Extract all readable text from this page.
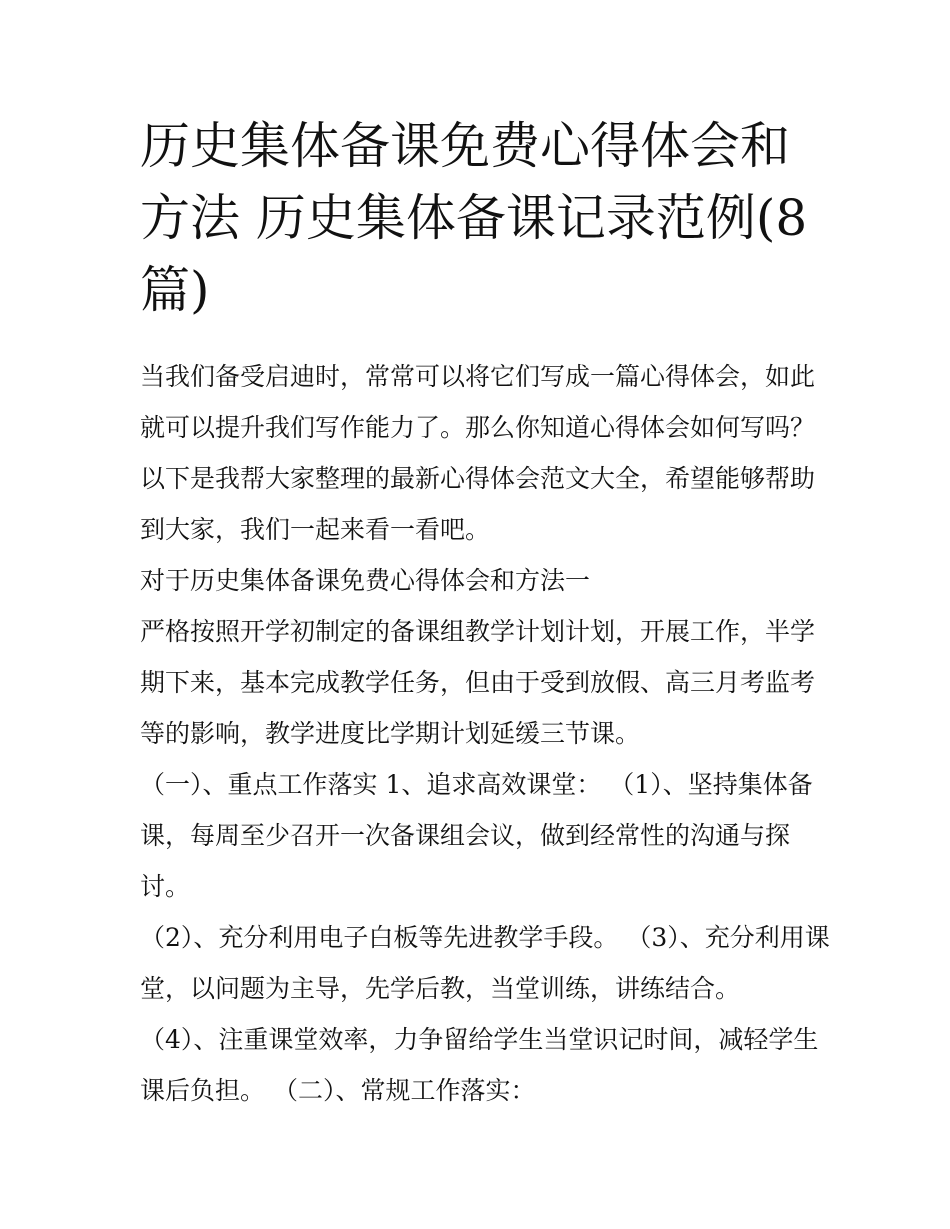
历史集体备课免费心得体会和方法 历史集体备课记录范例(8篇)

当我们备受启迪时，常常可以将它们写成一篇心得体会，如此就可以提升我们写作能力了。那么你知道心得体会如何写吗？以下是我帮大家整理的最新心得体会范文大全，希望能够帮助到大家，我们一起来看一看吧。

对于历史集体备课免费心得体会和方法一

严格按照开学初制定的备课组教学计划计划，开展工作，半学期下来，基本完成教学任务，但由于受到放假、高三月考监考等的影响，教学进度比学期计划延缓三节课。

（一）、重点工作落实 1、追求高效课堂： （1）、坚持集体备课，每周至少召开一次备课组会议，做到经常性的沟通与探讨。

（2）、充分利用电子白板等先进教学手段。 （3）、充分利用课堂，以问题为主导，先学后教，当堂训练，讲练结合。

（4）、注重课堂效率，力争留给学生当堂识记时间，减轻学生课后负担。 （二）、常规工作落实：
